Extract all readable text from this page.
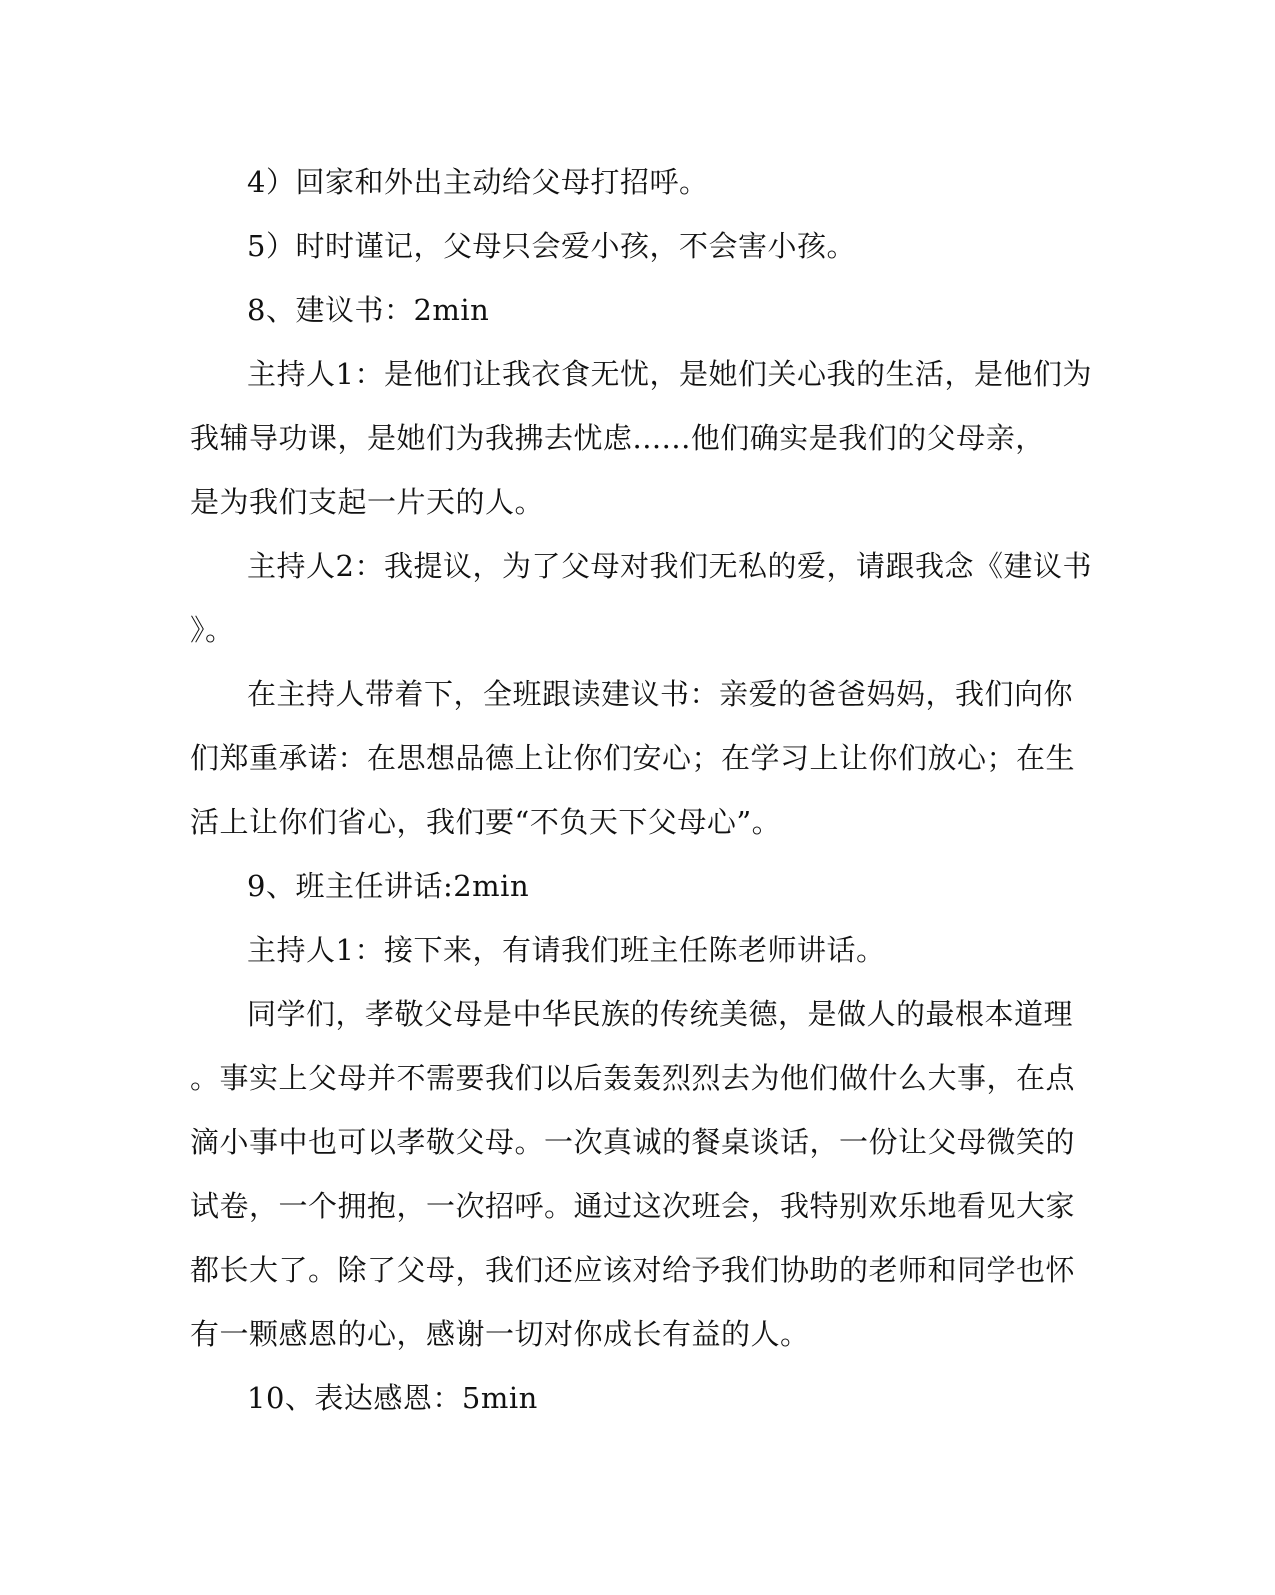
4）回家和外出主动给父母打招呼。
5）时时谨记，父母只会爱小孩，不会害小孩。
8、建议书：2min
主持人1：是他们让我衣食无忧，是她们关心我的生活，是他们为
我辅导功课，是她们为我拂去忧虑......他们确实是我们的父母亲，
是为我们支起一片天的人。
主持人2：我提议，为了父母对我们无私的爱，请跟我念《建议书
》。
在主持人带着下，全班跟读建议书：亲爱的爸爸妈妈，我们向你
们郑重承诺：在思想品德上让你们安心；在学习上让你们放心；在生
活上让你们省心，我们要“不负天下父母心”。
9、班主任讲话:2min
主持人1：接下来，有请我们班主任陈老师讲话。
同学们，孝敬父母是中华民族的传统美德，是做人的最根本道理
。事实上父母并不需要我们以后轰轰烈烈去为他们做什么大事，在点
滴小事中也可以孝敬父母。一次真诚的餐桌谈话，一份让父母微笑的
试卷，一个拥抱，一次招呼。通过这次班会，我特别欢乐地看见大家
都长大了。除了父母，我们还应该对给予我们协助的老师和同学也怀
有一颗感恩的心，感谢一切对你成长有益的人。
10、表达感恩：5min
